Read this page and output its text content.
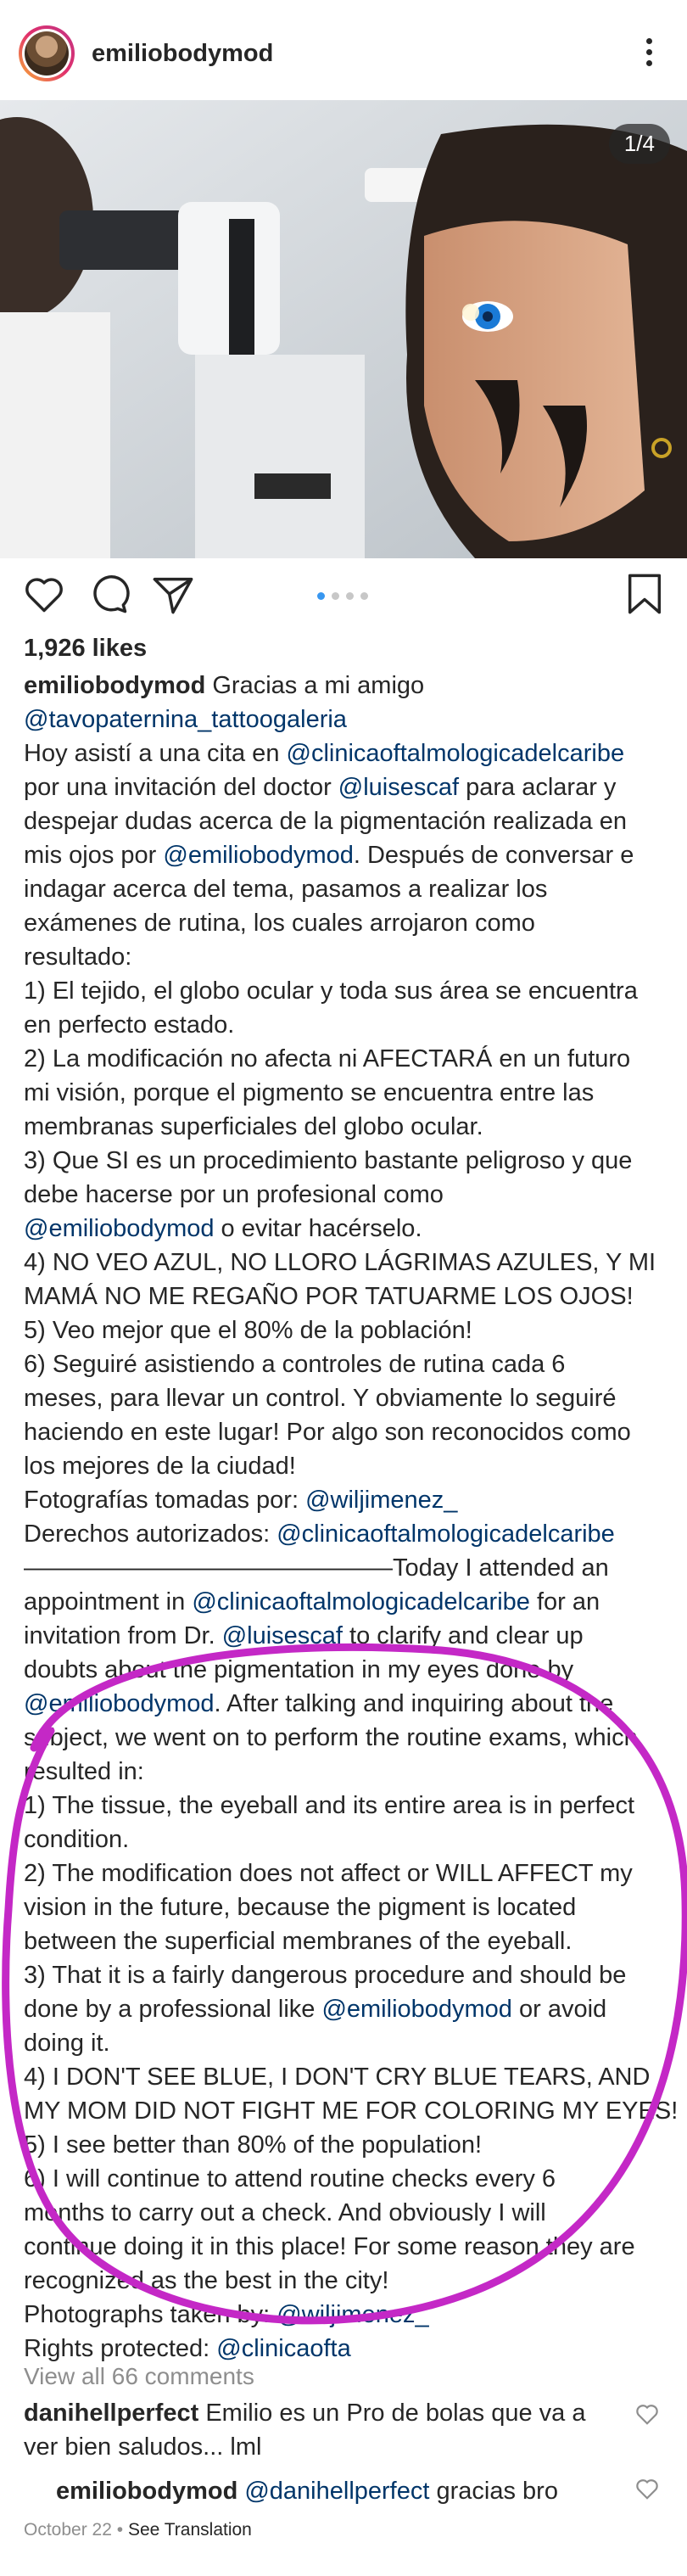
emiliobodymod
1/4
1,926 likes
emiliobodymod Gracias a mi amigo
@tavopaternina_tattoogaleria
Hoy asistí a una cita en @clinicaoftalmologicadelcaribe
por una invitación del doctor @luisescaf para aclarar y
despejar dudas acerca de la pigmentación realizada en
mis ojos por @emiliobodymod. Después de conversar e
indagar acerca del tema, pasamos a realizar los
exámenes de rutina, los cuales arrojaron como
resultado:
1) El tejido, el globo ocular y toda sus área se encuentra
en perfecto estado.
2) La modificación no afecta ni AFECTARÁ en un futuro
mi visión, porque el pigmento se encuentra entre las
membranas superficiales del globo ocular.
3) Que SI es un procedimiento bastante peligroso y que
debe hacerse por un profesional como
@emiliobodymod o evitar hacérselo.
4) NO VEO AZUL, NO LLORO LÁGRIMAS AZULES, Y MI
MAMÁ NO ME REGAÑO POR TATUARME LOS OJOS!
5) Veo mejor que el 80% de la población!
6) Seguiré asistiendo a controles de rutina cada 6
meses, para llevar un control. Y obviamente lo seguiré
haciendo en este lugar! Por algo son reconocidos como
los mejores de la ciudad!
Fotografías tomadas por: @wiljimenez_
Derechos autorizados: @clinicaoftalmologicadelcaribe
———————————————Today I attended an
appointment in @clinicaoftalmologicadelcaribe for an
invitation from Dr. @luisescaf to clarify and clear up
doubts about the pigmentation in my eyes done by
@emiliobodymod. After talking and inquiring about the
subject, we went on to perform the routine exams, which
resulted in:
1) The tissue, the eyeball and its entire area is in perfect
condition.
2) The modification does not affect or WILL AFFECT my
vision in the future, because the pigment is located
between the superficial membranes of the eyeball.
3) That it is a fairly dangerous procedure and should be
done by a professional like @emiliobodymod or avoid
doing it.
4) I DON'T SEE BLUE, I DON'T CRY BLUE TEARS, AND
MY MOM DID NOT FIGHT ME FOR COLORING MY EYES!
5) I see better than 80% of the population!
6) I will continue to attend routine checks every 6
months to carry out a check. And obviously I will
continue doing it in this place! For some reason they are
recognized as the best in the city!
Photographs taken by: @wiljimenez_
Rights protected: @clinicaofta
View all 66 comments
danihellperfect Emilio es un Pro de bolas que va a
ver bien saludos... lml
emiliobodymod @danihellperfect gracias bro
October 22 • See Translation
